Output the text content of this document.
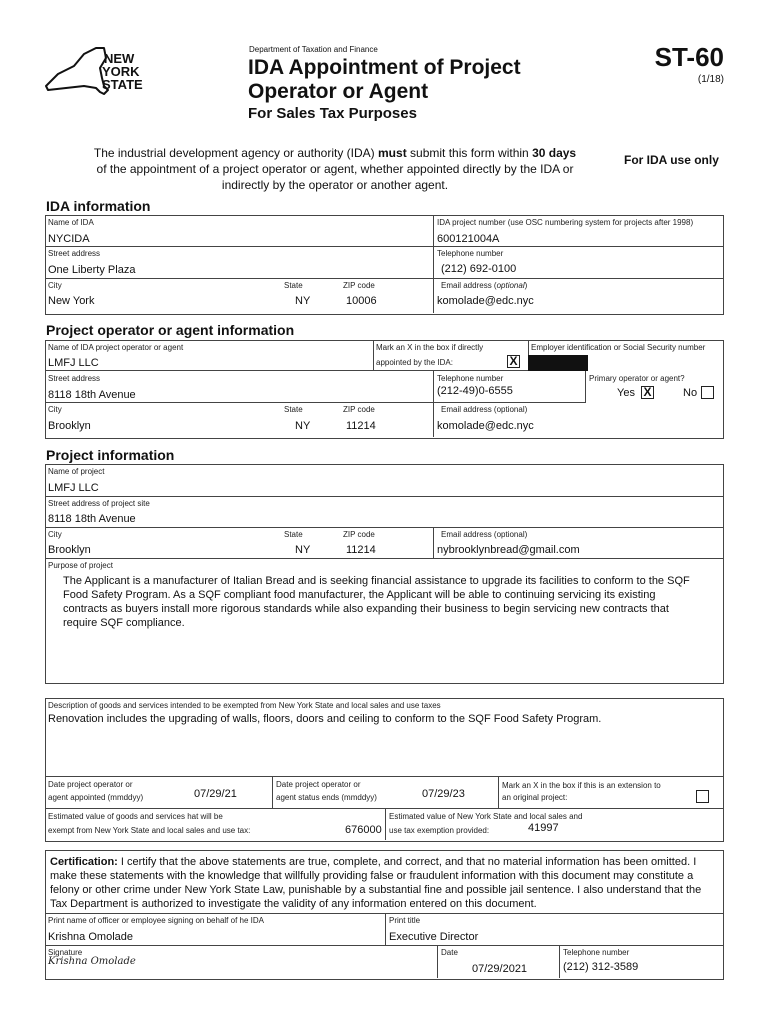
NEW
YORK
STATE
Department of Taxation and Finance
IDA Appointment of Project
Operator or Agent
For Sales Tax Purposes
ST-60
(1/18)
The industrial development agency or authority (IDA) must submit this form within 30 days
of the appointment of a project operator or agent, whether appointed directly by the IDA or
indirectly by the operator or another agent.
For IDA use only
IDA information
Name of IDA
NYCIDA
IDA project number (use OSC numbering system for projects after 1998)
600121004A
Street address
One Liberty Plaza
Telephone number
(212) 692-0100
City
New York
State
NY
ZIP code
10006
Email address (optional)
komolade@edc.nyc
Project operator or agent information
Name of IDA project operator or agent
LMFJ LLC
Mark an X in the box if directly
appointed by the IDA:	X
Employer identification or Social Security number
Street address
8118 18th Avenue
Telephone number
(212-49)0-6555
Primary operator or agent?
Yes X	No
City
Brooklyn
State
NY
ZIP code
11214
Email address (optional)
komolade@edc.nyc
Project information
Name of project
LMFJ LLC
Street address of project site
8118 18th Avenue
City
Brooklyn
State
NY
ZIP code
11214
Email address (optional)
nybrooklynbread@gmail.com
Purpose of project
The Applicant is a manufacturer of Italian Bread and is seeking financial assistance to upgrade its facilities to conform to the SQF
Food Safety Program. As a SQF compliant food manufacturer, the Applicant will be able to continuing servicing its existing
contracts as buyers install more rigorous standards while also expanding their business to begin servicing new contracts that
require SQF compliance.
Description of goods and services intended to be exempted from New York State and local sales and use taxes
Renovation includes the upgrading of walls, floors, doors and ceiling to conform to the SQF Food Safety Program.
Date project operator or
agent appointed (mmddyy)	07/29/21
Date project operator or
agent status ends (mmddyy)	07/29/23
Mark an X in the box if this is an extension to
an original project:
Estimated value of goods and services hat will be
exempt from New York State and local sales and use tax:	676000
Estimated value of New York State and local sales and
use tax exemption provided:	41997
Certification: I certify that the above statements are true, complete, and correct, and that no material information has been omitted. I
make these statements with the knowledge that willfully providing false or fraudulent information with this document may constitute a
felony or other crime under New York State Law, punishable by a substantial fine and possible jail sentence. I also understand that the
Tax Department is authorized to investigate the validity of any information entered on this document.
Print name of officer or employee signing on behalf of he IDA
Krishna Omolade
Print title
Executive Director
Signature
Krishna Omolade
Date
07/29/2021
Telephone number
(212) 312-3589
